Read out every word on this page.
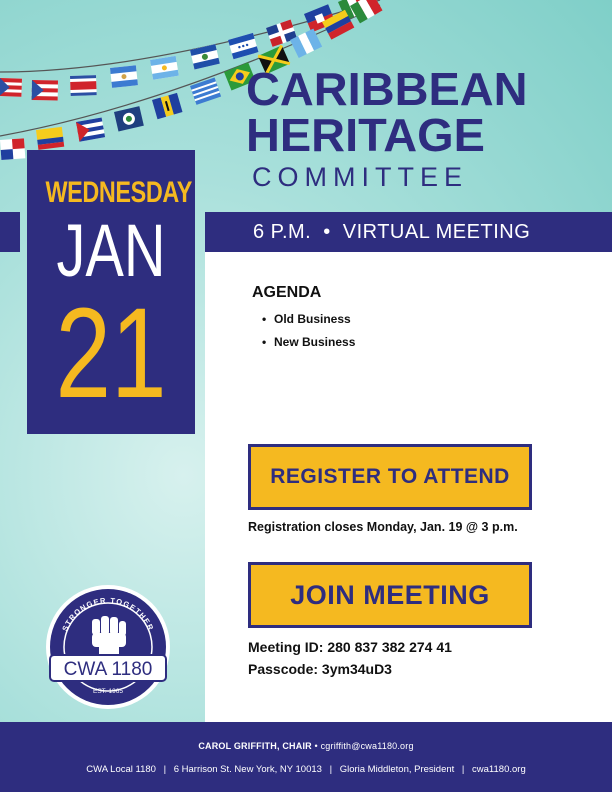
CARIBBEAN
HERITAGE
COMMITTEE
6 P.M. • VIRTUAL MEETING
WEDNESDAY
JAN
21	AGENDA
• Old Business
• New Business
REGISTER TO ATTEND
Registration closes Monday, Jan. 19 @ 3 p.m.
JOIN MEETING
Meeting ID: 280 837 382 274 41
Passcode: 3ym34uD3
STRONGER TOGETHER
CWA 1180
EST. 1965
CAROL GRIFFITH, CHAIR • cgriffith@cwa1180.org
CWA Local 1180 | 6 Harrison St. New York, NY 10013 | Gloria Middleton, President | cwa1180.org
